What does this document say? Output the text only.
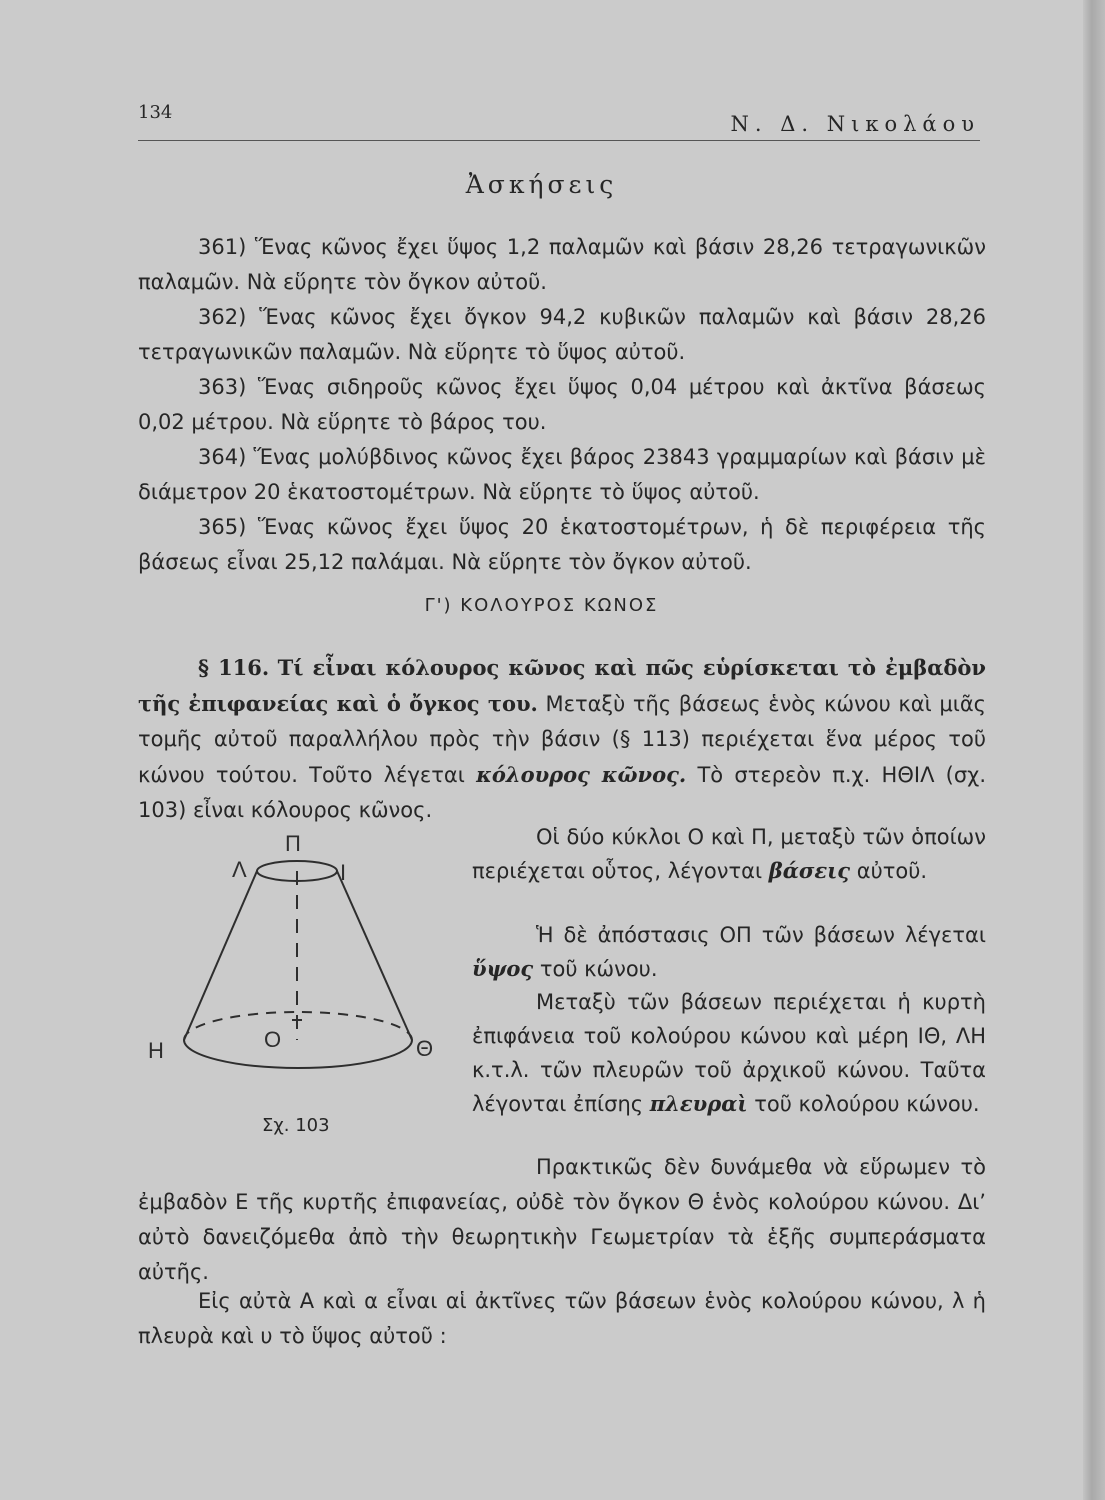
134	Ν. Δ. Νικολάου
Ἀσκήσεις

361) Ἕνας κῶνος ἔχει ὕψος 1,2 παλαμῶν καὶ βάσιν 28,26 τετραγωνικῶν παλαμῶν. Νὰ εὕρητε τὸν ὄγκον αὐτοῦ.

362) Ἕνας κῶνος ἔχει ὄγκον 94,2 κυβικῶν παλαμῶν καὶ βάσιν 28,26 τετραγωνικῶν παλαμῶν. Νὰ εὕρητε τὸ ὕψος αὐτοῦ.

363) Ἕνας σιδηροῦς κῶνος ἔχει ὕψος 0,04 μέτρου καὶ ἀκτῖνα βάσεως 0,02 μέτρου. Νὰ εὕρητε τὸ βάρος του.

364) Ἕνας μολύβδινος κῶνος ἔχει βάρος 23843 γραμμαρίων καὶ βάσιν μὲ διάμετρον 20 ἑκατοστομέτρων. Νὰ εὕρητε τὸ ὕψος αὐτοῦ.

365) Ἕνας κῶνος ἔχει ὕψος 20 ἑκατοστομέτρων, ἡ δὲ περιφέρεια τῆς βάσεως εἶναι 25,12 παλάμαι. Νὰ εὕρητε τὸν ὄγκον αὐτοῦ.

Γ') ΚΟΛΟΥΡΟΣ ΚΩΝΟΣ

§ 116. Τί εἶναι κόλουρος κῶνος καὶ πῶς εὑρίσκεται τὸ ἐμβαδὸν τῆς ἐπιφανείας καὶ ὁ ὄγκος του. Μεταξὺ τῆς βάσεως ἑνὸς κώνου καὶ μιᾶς τομῆς αὐτοῦ παραλλήλου πρὸς τὴν βάσιν (§ 113) περιέχεται ἕνα μέρος τοῦ κώνου τούτου. Τοῦτο λέγεται κόλουρος κῶνος. Τὸ στερεὸν π.χ. ΗΘΙΛ (σχ. 103) εἶναι κόλουρος κῶνος.

Π
Λ	Ι
Ο
Η	Θ
Σχ. 103

Οἱ δύο κύκλοι Ο καὶ Π, μεταξὺ τῶν ὁποίων περιέχεται οὗτος, λέγονται βάσεις αὐτοῦ.

Ἡ δὲ ἀπόστασις ΟΠ τῶν βάσεων λέγεται ὕψος τοῦ κώνου.

Μεταξὺ τῶν βάσεων περιέχεται ἡ κυρτὴ ἐπιφάνεια τοῦ κολούρου κώνου καὶ μέρη ΙΘ, ΛΗ κ.τ.λ. τῶν πλευρῶν τοῦ ἀρχικοῦ κώνου. Ταῦτα λέγονται ἐπίσης πλευραὶ τοῦ κολούρου κώνου.

Πρακτικῶς δὲν δυνάμεθα νὰ εὕρωμεν τὸ ἐμβαδὸν Ε τῆς κυρτῆς ἐπιφανείας, οὐδὲ τὸν ὄγκον Θ ἑνὸς κολούρου κώνου. Διʼ αὐτὸ δανειζόμεθα ἀπὸ τὴν θεωρητικὴν Γεωμετρίαν τὰ ἑξῆς συμπεράσματα αὐτῆς.

Εἰς αὐτὰ Α καὶ α εἶναι αἱ ἀκτῖνες τῶν βάσεων ἑνὸς κολούρου κώνου, λ ἡ πλευρὰ καὶ υ τὸ ὕψος αὐτοῦ :
